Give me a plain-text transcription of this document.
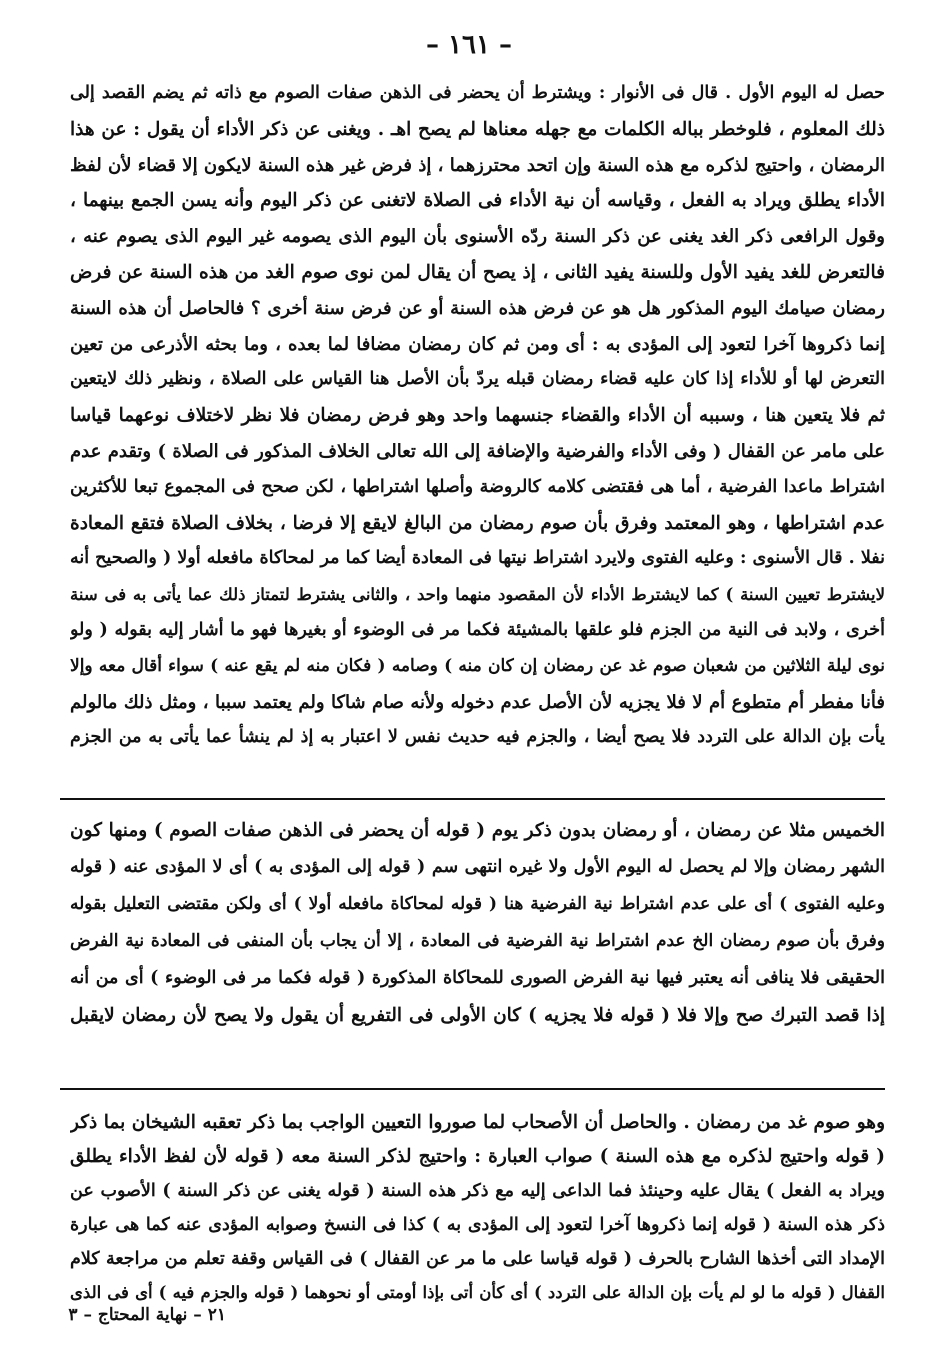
– ١٦١ –
حصل له اليوم الأول . قال فى الأنوار : ويشترط أن يحضر فى الذهن صفات الصوم مع ذاته ثم يضم القصد إلى
ذلك المعلوم ، فلوخطر بباله الكلمات مع جهله معناها لم يصح اهـ . ويغنى عن ذكر الأداء أن يقول : عن هذا
الرمضان ، واحتيج لذكره مع هذه السنة وإن اتحد محترزهما ، إذ فرض غير هذه السنة لايكون إلا قضاء لأن لفظ
الأداء يطلق ويراد به الفعل ، وقياسه أن نية الأداء فى الصلاة لاتغنى عن ذكر اليوم وأنه يسن الجمع بينهما ،
وقول الرافعى ذكر الغد يغنى عن ذكر السنة ردّه الأسنوى بأن اليوم الذى يصومه غير اليوم الذى يصوم عنه ،
فالتعرض للغد يفيد الأول وللسنة يفيد الثانى ، إذ يصح أن يقال لمن نوى صوم الغد من هذه السنة عن فرض
رمضان صيامك اليوم المذكور هل هو عن فرض هذه السنة أو عن فرض سنة أخرى ؟ فالحاصل أن هذه السنة
إنما ذكروها آخرا لتعود إلى المؤدى به : أى ومن ثم كان رمضان مضافا لما بعده ، وما بحثه الأذرعى من تعين
التعرض لها أو للأداء إذا كان عليه قضاء رمضان قبله يردّ بأن الأصل هنا القياس على الصلاة ، ونظير ذلك لايتعين
ثم فلا يتعين هنا ، وسببه أن الأداء والقضاء جنسهما واحد وهو فرض رمضان فلا نظر لاختلاف نوعهما قياسا
على مامر عن القفال ( وفى الأداء والفرضية والإضافة إلى الله تعالى الخلاف المذكور فى الصلاة ) وتقدم عدم
اشتراط ماعدا الفرضية ، أما هى فقتضى كلامه كالروضة وأصلها اشتراطها ، لكن صحح فى المجموع تبعا للأكثرين
عدم اشتراطها ، وهو المعتمد وفرق بأن صوم رمضان من البالغ لايقع إلا فرضا ، بخلاف الصلاة فتقع المعادة
نفلا . قال الأسنوى : وعليه الفتوى ولايرد اشتراط نيتها فى المعادة أيضا كما مر لمحاكاة مافعله أولا ( والصحيح أنه
لايشترط تعيين السنة ) كما لايشترط الأداء لأن المقصود منهما واحد ، والثانى يشترط لتمتاز ذلك عما يأتى به فى سنة
أخرى ، ولابد فى النية من الجزم فلو علقها بالمشيئة فكما مر فى الوضوء أو بغيرها فهو ما أشار إليه بقوله ( ولو
نوى ليلة الثلاثين من شعبان صوم غد عن رمضان إن كان منه ) وصامه ( فكان منه لم يقع عنه ) سواء أقال معه وإلا
فأنا مفطر أم متطوع أم لا فلا يجزيه لأن الأصل عدم دخوله ولأنه صام شاكا ولم يعتمد سببا ، ومثل ذلك مالولم
يأت بإن الدالة على التردد فلا يصح أيضا ، والجزم فيه حديث نفس لا اعتبار به إذ لم ينشأ عما يأتى به من الجزم
الخميس مثلا عن رمضان ، أو رمضان بدون ذكر يوم ( قوله أن يحضر فى الذهن صفات الصوم ) ومنها كون
الشهر رمضان وإلا لم يحصل له اليوم الأول ولا غيره انتهى سم ( قوله إلى المؤدى به ) أى لا المؤدى عنه ( قوله
وعليه الفتوى ) أى على عدم اشتراط نية الفرضية هنا ( قوله لمحاكاة مافعله أولا ) أى ولكن مقتضى التعليل بقوله
وفرق بأن صوم رمضان الخ عدم اشتراط نية الفرضية فى المعادة ، إلا أن يجاب بأن المنفى فى المعادة نية الفرض
الحقيقى فلا ينافى أنه يعتبر فيها نية الفرض الصورى للمحاكاة المذكورة ( قوله فكما مر فى الوضوء ) أى من أنه
إذا قصد التبرك صح وإلا فلا ( قوله فلا يجزيه ) كان الأولى فى التفريع أن يقول ولا يصح لأن رمضان لايقبل
وهو صوم غد من رمضان . والحاصل أن الأصحاب لما صوروا التعيين الواجب بما ذكر تعقبه الشيخان بما ذكر
( قوله واحتيج لذكره مع هذه السنة ) صواب العبارة : واحتيج لذكر السنة معه ( قوله لأن لفظ الأداء يطلق
ويراد به الفعل ) يقال عليه وحينئذ فما الداعى إليه مع ذكر هذه السنة ( قوله يغنى عن ذكر السنة ) الأصوب عن
ذكر هذه السنة ( قوله إنما ذكروها آخرا لتعود إلى المؤدى به ) كذا فى النسخ وصوابه المؤدى عنه كما هى عبارة
الإمداد التى أخذها الشارح بالحرف ( قوله قياسا على ما مر عن القفال ) فى القياس وقفة تعلم من مراجعة كلام
القفال ( قوله ما لو لم يأت بإن الدالة على التردد ) أى كأن أتى بإذا أومتى أو نحوهما ( قوله والجزم فيه ) أى فى الذى
٢١ – نهاية المحتاج – ٣
